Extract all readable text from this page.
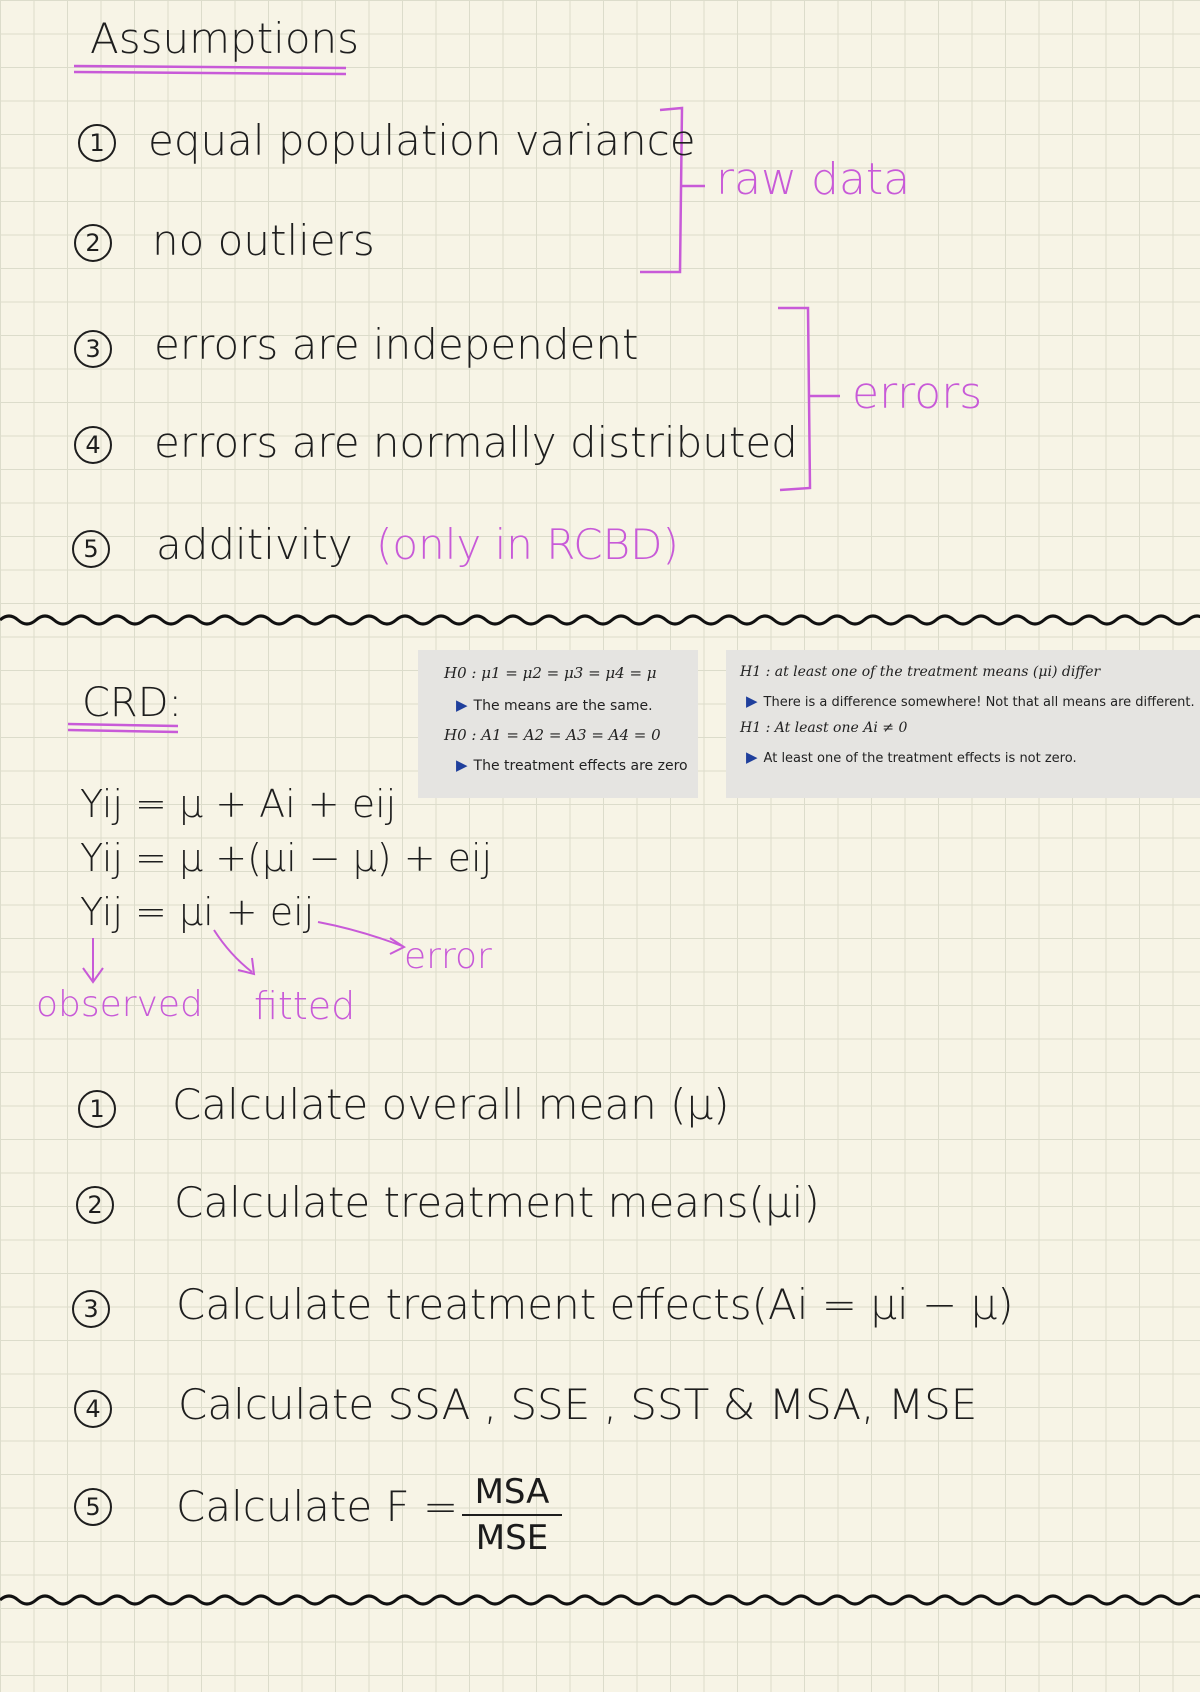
Assumptions
1 equal population variance
2 no outliers
raw data
3 errors are independent
4 errors are normally distributed
errors
5 additivity (only in RCBD)
CRD:
Yij = μ + Ai + eij
Yij = μ +(μi − μ) + eij
Yij = μi + eij
observed fitted
error
H0 : μ1 = μ2 = μ3 = μ4 = μ
▶ The means are the same.
H0 : A1 = A2 = A3 = A4 = 0
▶ The treatment effects are zero
H1 : at least one of the treatment means (μi) differ
▶ There is a difference somewhere! Not that all means are different.
H1 : At least one Ai ≠ 0
▶ At least one of the treatment effects is not zero.
1 Calculate overall mean (μ)
2 Calculate treatment means(μi)
3 Calculate treatment effects(Ai = μi − μ)
4 Calculate SSA , SSE , SST & MSA, MSE
5 Calculate F = MSA
MSE
